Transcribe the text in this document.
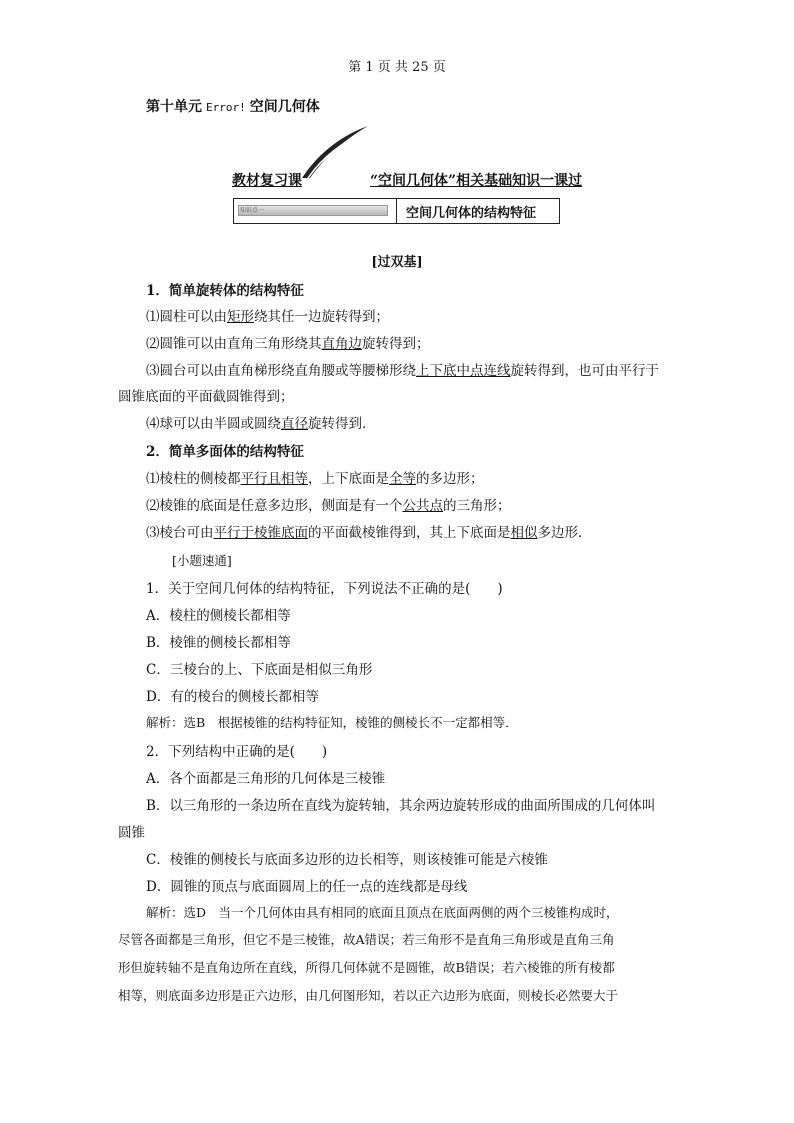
第 1 页 共 25 页
第十单元 Error! 空间几何体
教材复习课	“空间几何体”相关基础知识一课过
知识点一	空间几何体的结构特征
[过双基]
1．简单旋转体的结构特征
⑴圆柱可以由矩形绕其任一边旋转得到；
⑵圆锥可以由直角三角形绕其直角边旋转得到；
⑶圆台可以由直角梯形绕直角腰或等腰梯形绕上下底中点连线旋转得到，也可由平行于
圆锥底面的平面截圆锥得到；
⑷球可以由半圆或圆绕直径旋转得到．
2．简单多面体的结构特征
⑴棱柱的侧棱都平行且相等，上下底面是全等的多边形；
⑵棱锥的底面是任意多边形，侧面是有一个公共点的三角形；
⑶棱台可由平行于棱锥底面的平面截棱锥得到，其上下底面是相似多边形．
[小题速通]
1．关于空间几何体的结构特征，下列说法不正确的是(　　)
A．棱柱的侧棱长都相等
B．棱锥的侧棱长都相等
C．三棱台的上、下底面是相似三角形
D．有的棱台的侧棱长都相等
解析：选B　根据棱锥的结构特征知，棱锥的侧棱长不一定都相等．
2．下列结构中正确的是(　　)
A．各个面都是三角形的几何体是三棱锥
B．以三角形的一条边所在直线为旋转轴，其余两边旋转形成的曲面所围成的几何体叫
圆锥
C．棱锥的侧棱长与底面多边形的边长相等，则该棱锥可能是六棱锥
D．圆锥的顶点与底面圆周上的任一点的连线都是母线
解析：选D　当一个几何体由具有相同的底面且顶点在底面两侧的两个三棱锥构成时，
尽管各面都是三角形，但它不是三棱锥，故A错误；若三角形不是直角三角形或是直角三角
形但旋转轴不是直角边所在直线，所得几何体就不是圆锥，故B错误；若六棱锥的所有棱都
相等，则底面多边形是正六边形，由几何图形知，若以正六边形为底面，则棱长必然要大于
